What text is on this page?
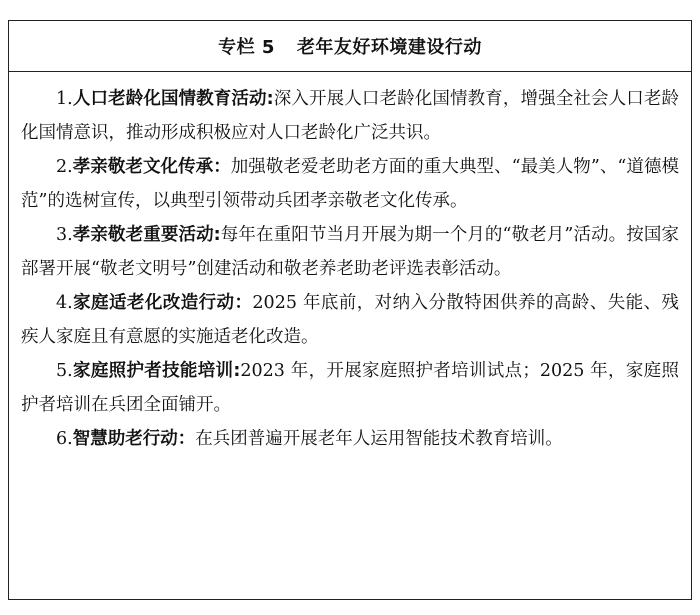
专栏 5 老年友好环境建设行动

1.人口老龄化国情教育活动:深入开展人口老龄化国情教育，增强全社会人口老龄化国情意识，推动形成积极应对人口老龄化广泛共识。

2.孝亲敬老文化传承：加强敬老爱老助老方面的重大典型、“最美人物”、“道德模范”的选树宣传，以典型引领带动兵团孝亲敬老文化传承。

3.孝亲敬老重要活动:每年在重阳节当月开展为期一个月的“敬老月”活动。按国家部署开展“敬老文明号”创建活动和敬老养老助老评选表彰活动。

4.家庭适老化改造行动：2025 年底前，对纳入分散特困供养的高龄、失能、残疾人家庭且有意愿的实施适老化改造。

5.家庭照护者技能培训:2023 年，开展家庭照护者培训试点；2025 年，家庭照护者培训在兵团全面铺开。

6.智慧助老行动：在兵团普遍开展老年人运用智能技术教育培训。
